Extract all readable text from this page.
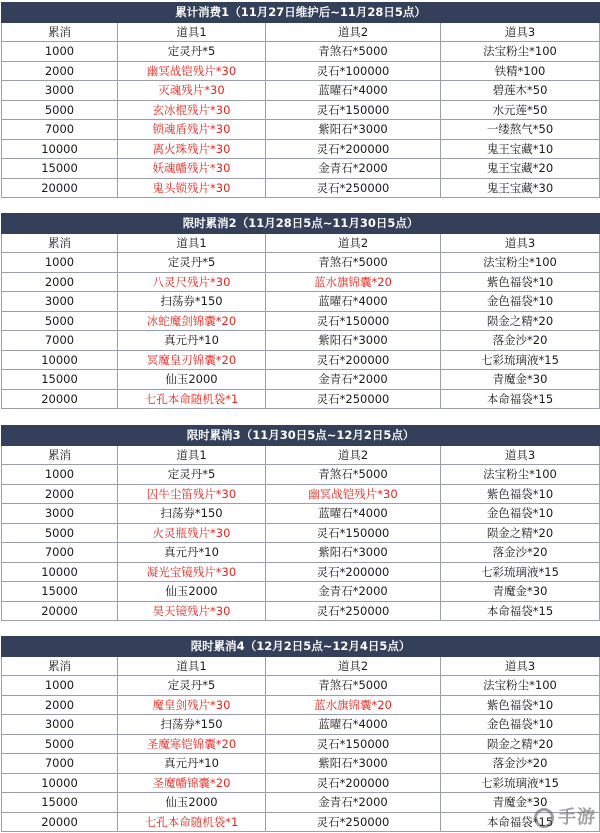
累计消费1（11月27日维护后~11月28日5点）			
累消	道具1	道具2	道具3
1000	定灵丹*5	青煞石*5000	法宝粉尘*100
2000	幽冥战铠残片*30	灵石*100000	铁精*100
3000	灭魂残片*30	蓝曜石*4000	碧莲木*50
5000	玄冰棍残片*30	灵石*150000	水元莲*50
7000	锁魂盾残片*30	紫阳石*3000	一缕熬气*50
10000	离火珠残片*30	灵石*200000	鬼王宝藏*10
15000	妖魂幡残片*30	金青石*2000	鬼王宝藏*20
20000	鬼头锁残片*30	灵石*250000	鬼王宝藏*30
限时累消2（11月28日5点~11月30日5点）			
累消	道具1	道具2	道具3
1000	定灵丹*5	青煞石*5000	法宝粉尘*100
2000	八灵尺残片*30	蓝水旗锦囊*20	紫色福袋*10
3000	扫荡券*150	蓝曜石*4000	金色福袋*10
5000	冰蛇魔剑锦囊*20	灵石*150000	陨金之精*20
7000	真元丹*10	紫阳石*3000	落金沙*20
10000	冥魔皇刃锦囊*20	灵石*200000	七彩琉璃液*15
15000	仙玉2000	金青石*2000	青魔金*30
20000	七孔本命随机袋*1	灵石*250000	本命福袋*15
限时累消3（11月30日5点~12月2日5点）			
累消	道具1	道具2	道具3
1000	定灵丹*5	青煞石*5000	法宝粉尘*100
2000	囚牛尘笛残片*30	幽冥战铠残片*30	紫色福袋*10
3000	扫荡券*150	蓝曜石*4000	金色福袋*10
5000	火灵瓶残片*30	灵石*150000	陨金之精*20
7000	真元丹*10	紫阳石*3000	落金沙*20
10000	凝光宝镜残片*30	灵石*200000	七彩琉璃液*15
15000	仙玉2000	金青石*2000	青魔金*30
20000	昊天镜残片*30	灵石*250000	本命福袋*15
限时累消4（12月2日5点~12月4日5点）			
累消	道具1	道具2	道具3
1000	定灵丹*5	青煞石*5000	法宝粉尘*100
2000	魔皇剑残片*30	蓝水旗锦囊*20	紫色福袋*10
3000	扫荡券*150	蓝曜石*4000	金色福袋*10
5000	圣魔寒铠锦囊*20	灵石*150000	陨金之精*20
7000	真元丹*10	紫阳石*3000	落金沙*20
10000	圣魔幡锦囊*20	灵石*200000	七彩琉璃液*15
15000	仙玉2000	金青石*2000	青魔金*30
20000	七孔本命随机袋*1	灵石*250000	本命福袋*15 手游
